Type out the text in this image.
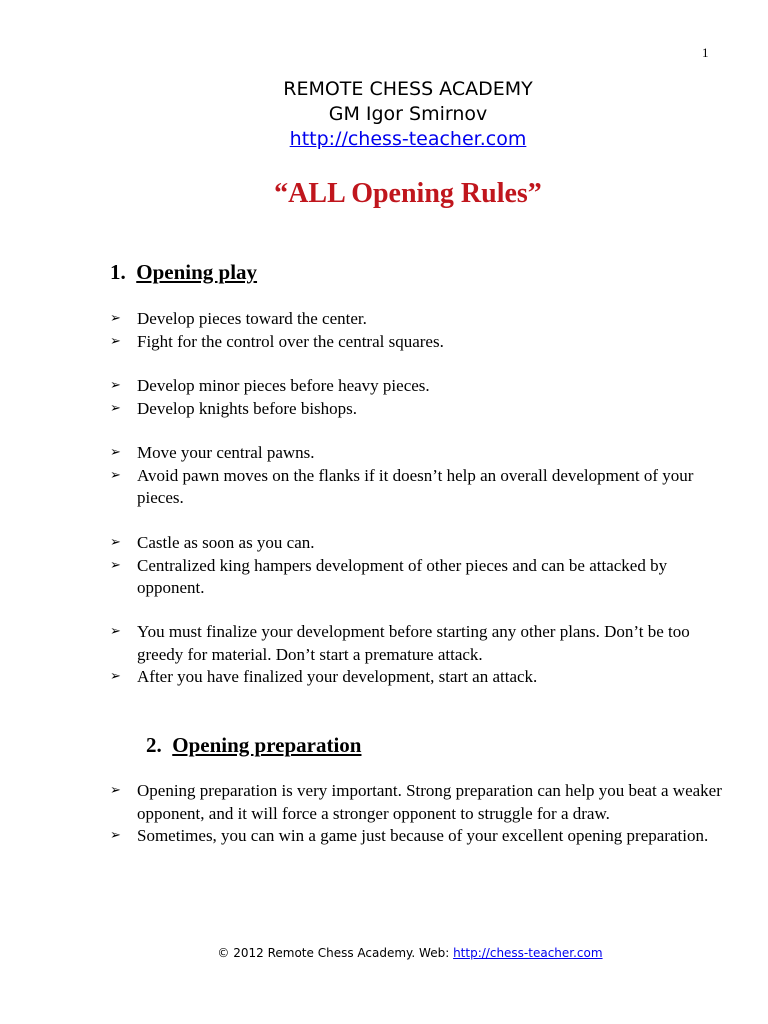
1
REMOTE CHESS ACADEMY
GM Igor Smirnov
http://chess-teacher.com
“ALL Opening Rules”
1. Opening play
➢ Develop pieces toward the center.
➢ Fight for the control over the central squares.
➢ Develop minor pieces before heavy pieces.
➢ Develop knights before bishops.
➢ Move your central pawns.
➢ Avoid pawn moves on the flanks if it doesn’t help an overall development of your pieces.
➢ Castle as soon as you can.
➢ Centralized king hampers development of other pieces and can be attacked by opponent.
➢ You must finalize your development before starting any other plans. Don’t be too greedy for material. Don’t start a premature attack.
➢ After you have finalized your development, start an attack.
2. Opening preparation
➢ Opening preparation is very important. Strong preparation can help you beat a weaker opponent, and it will force a stronger opponent to struggle for a draw.
➢ Sometimes, you can win a game just because of your excellent opening preparation.
© 2012 Remote Chess Academy. Web: http://chess-teacher.com
